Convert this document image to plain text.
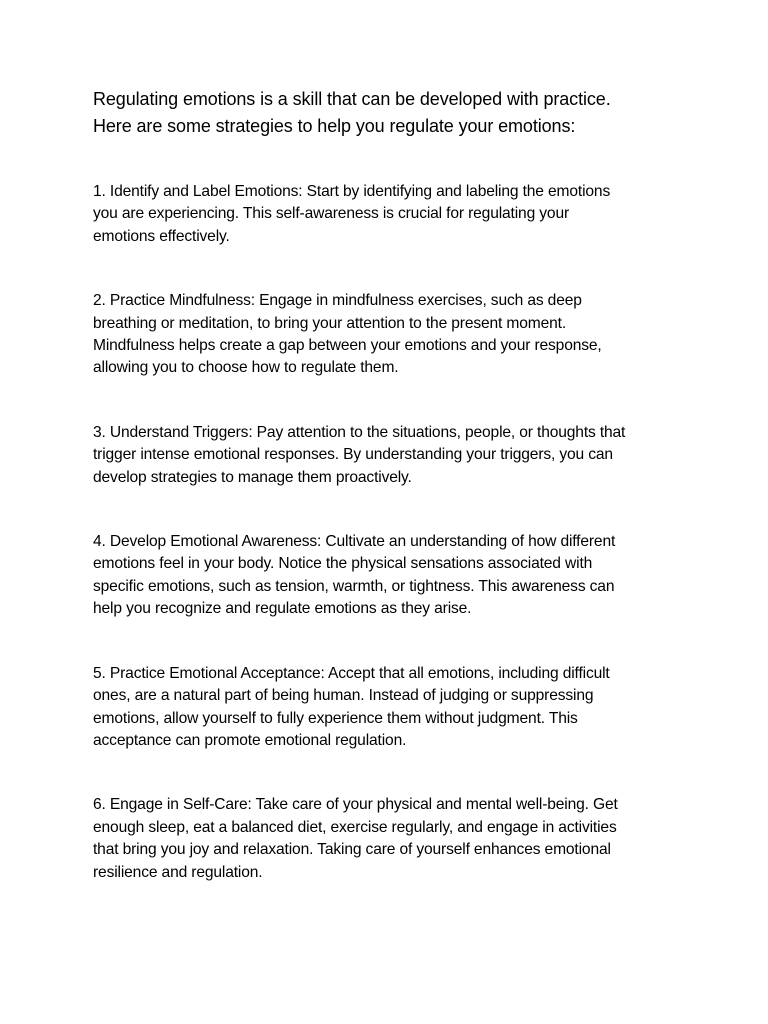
Regulating emotions is a skill that can be developed with practice.
Here are some strategies to help you regulate your emotions:

1. Identify and Label Emotions: Start by identifying and labeling the emotions
you are experiencing. This self-awareness is crucial for regulating your
emotions effectively.

2. Practice Mindfulness: Engage in mindfulness exercises, such as deep
breathing or meditation, to bring your attention to the present moment.
Mindfulness helps create a gap between your emotions and your response,
allowing you to choose how to regulate them.

3. Understand Triggers: Pay attention to the situations, people, or thoughts that
trigger intense emotional responses. By understanding your triggers, you can
develop strategies to manage them proactively.

4. Develop Emotional Awareness: Cultivate an understanding of how different
emotions feel in your body. Notice the physical sensations associated with
specific emotions, such as tension, warmth, or tightness. This awareness can
help you recognize and regulate emotions as they arise.

5. Practice Emotional Acceptance: Accept that all emotions, including difficult
ones, are a natural part of being human. Instead of judging or suppressing
emotions, allow yourself to fully experience them without judgment. This
acceptance can promote emotional regulation.

6. Engage in Self-Care: Take care of your physical and mental well-being. Get
enough sleep, eat a balanced diet, exercise regularly, and engage in activities
that bring you joy and relaxation. Taking care of yourself enhances emotional
resilience and regulation.
